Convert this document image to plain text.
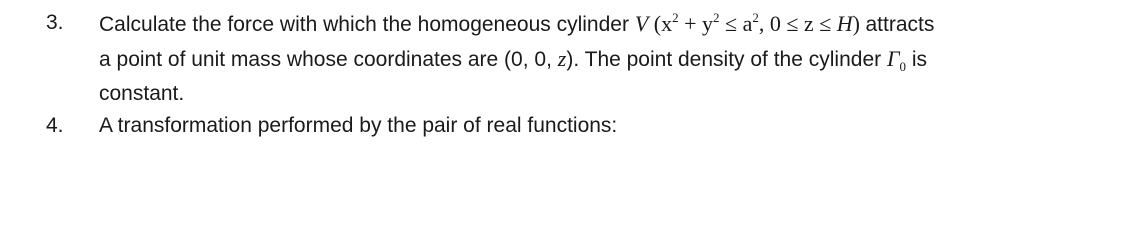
3.	Calculate the force with which the homogeneous cylinder V ($x^2 + y^2 \le a^2$, 0 ≤ z ≤ H) attracts
a point of unit mass whose coordinates are (0, 0, z). The point density of the cylinder $\Gamma_0$ is
constant.
4.	A transformation performed by the pair of real functions:
